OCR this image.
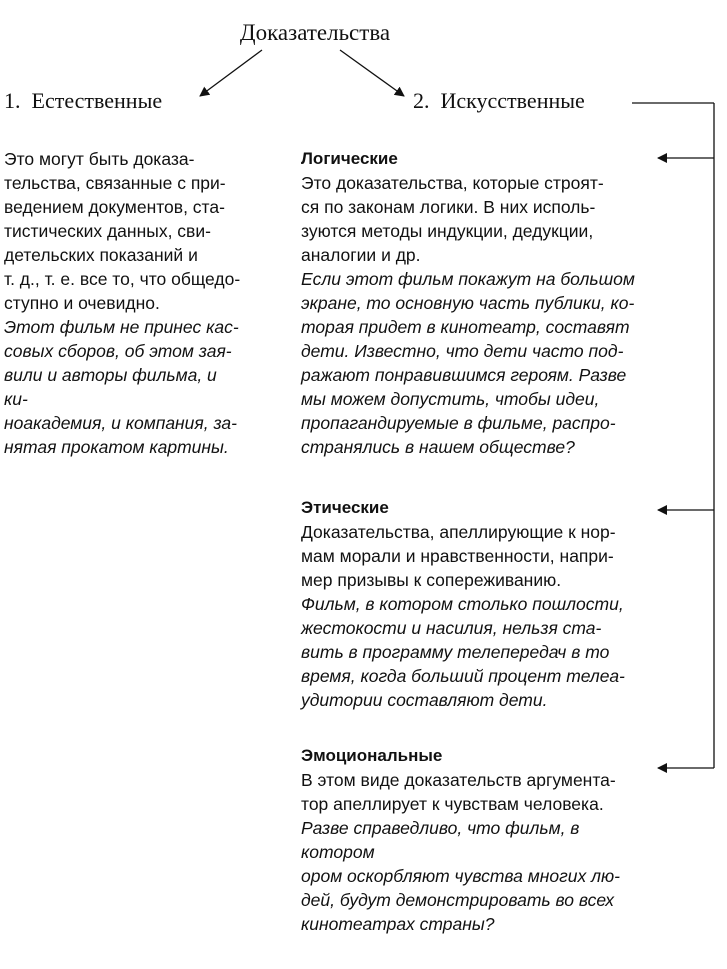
Доказательства
1.  Естественные	2.  Искусственные
Это могут быть доказа-
тельства, связанные с при-
ведением документов, ста-
тистических данных, сви-
детельских показаний и
т. д., т. е. все то, что общедо-
ступно и очевидно.
Этот фильм не принес кас-
совых сборов, об этом зая-
вили и авторы фильма, и ки-
ноакадемия, и компания, за-
нятая прокатом картины.
Логические
Это доказательства, которые строят-
ся по законам логики. В них исполь-
зуются методы индукции, дедукции,
аналогии и др.
Если этот фильм покажут на большом
экране, то основную часть публики, ко-
торая придет в кинотеатр, составят
дети. Известно, что дети часто под-
ражают понравившимся героям. Разве
мы можем допустить, чтобы идеи,
пропагандируемые в фильме, распро-
странялись в нашем обществе?
Этические
Доказательства, апеллирующие к нор-
мам морали и нравственности, напри-
мер призывы к сопереживанию.
Фильм, в котором столько пошлости,
жестокости и насилия, нельзя ста-
вить в программу телепередач в то
время, когда больший процент телеа-
удитории составляют дети.
Эмоциональные
В этом виде доказательств аргумента-
тор апеллирует к чувствам человека.
Разве справедливо, что фильм, в котором
ором оскорбляют чувства многих лю-
дей, будут демонстрировать во всех
кинотеатрах страны?
